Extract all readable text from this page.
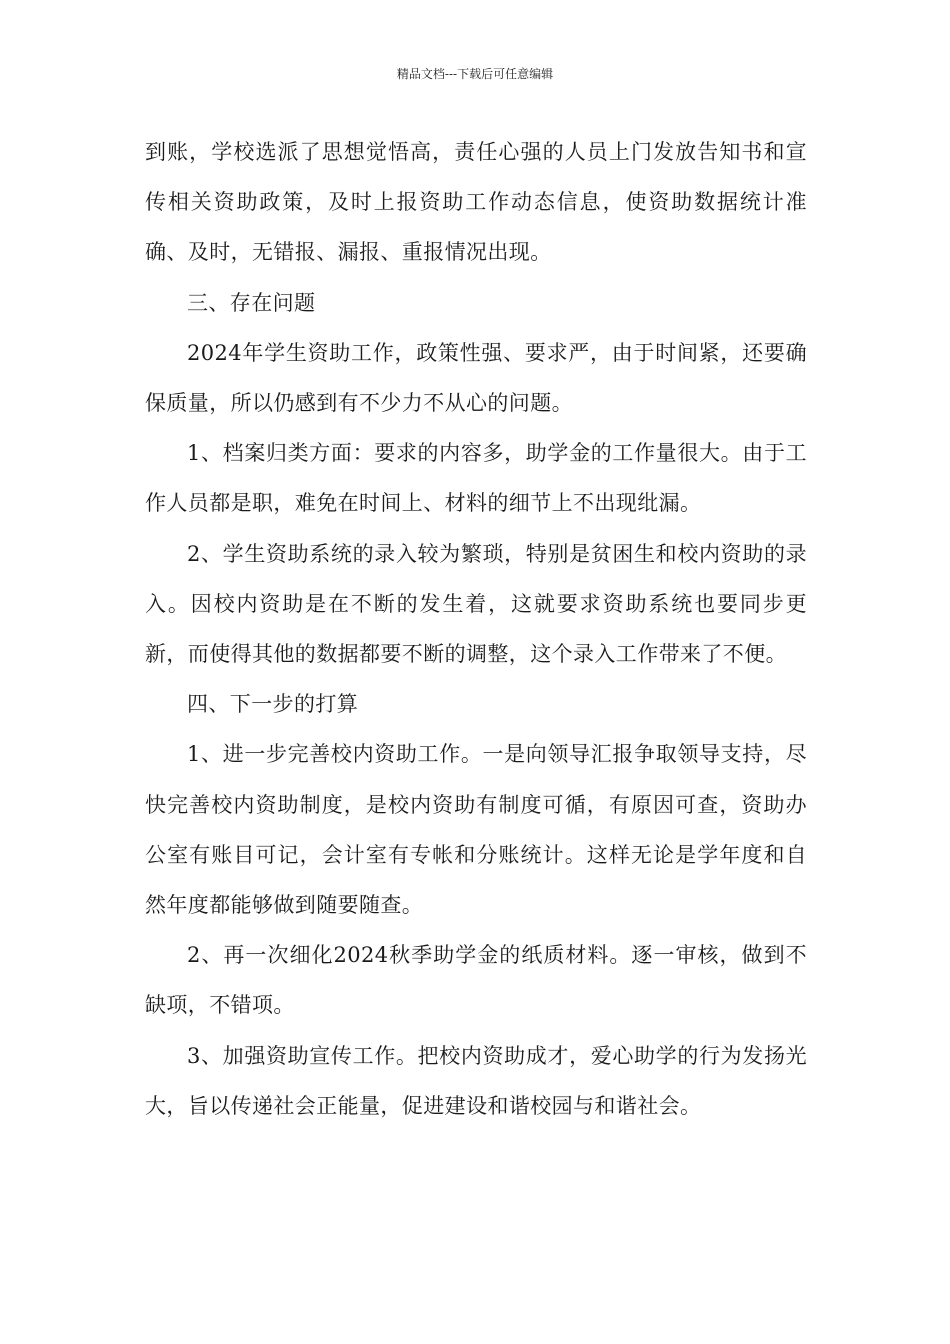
精品文档---下载后可任意编辑

到账，学校选派了思想觉悟高，责任心强的人员上门发放告知书和宣传相关资助政策，及时上报资助工作动态信息，使资助数据统计准确、及时，无错报、漏报、重报情况出现。

三、存在问题

2024年学生资助工作，政策性强、要求严，由于时间紧，还要确保质量，所以仍感到有不少力不从心的问题。

1、档案归类方面：要求的内容多，助学金的工作量很大。由于工作人员都是职，难免在时间上、材料的细节上不出现纰漏。

2、学生资助系统的录入较为繁琐，特别是贫困生和校内资助的录入。因校内资助是在不断的发生着，这就要求资助系统也要同步更新，而使得其他的数据都要不断的调整，这个录入工作带来了不便。

四、下一步的打算

1、进一步完善校内资助工作。一是向领导汇报争取领导支持，尽快完善校内资助制度，是校内资助有制度可循，有原因可查，资助办公室有账目可记，会计室有专帐和分账统计。这样无论是学年度和自然年度都能够做到随要随查。

2、再一次细化2024秋季助学金的纸质材料。逐一审核，做到不缺项，不错项。

3、加强资助宣传工作。把校内资助成才，爱心助学的行为发扬光大，旨以传递社会正能量，促进建设和谐校园与和谐社会。
